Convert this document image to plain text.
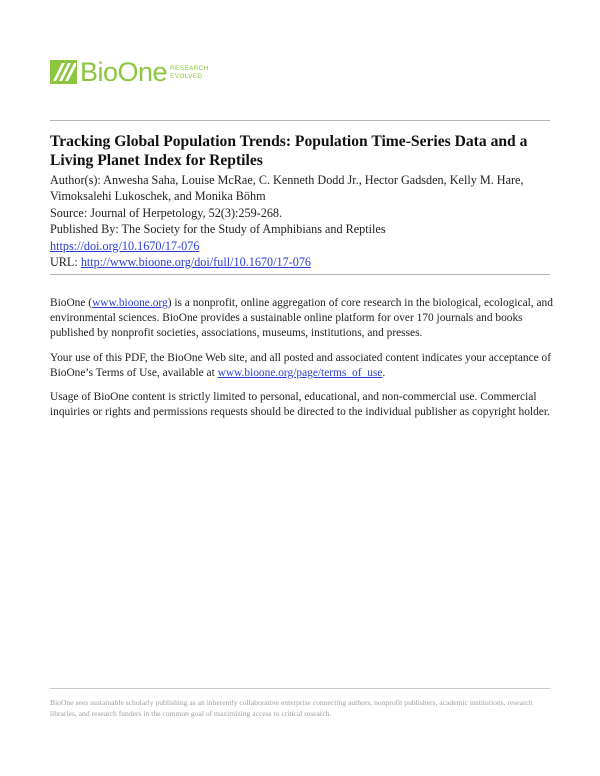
BioOne RESEARCH
EVOLVED
Tracking Global Population Trends: Population Time-Series Data and a Living Planet Index for Reptiles
Author(s): Anwesha Saha, Louise McRae, C. Kenneth Dodd Jr., Hector Gadsden, Kelly M. Hare, Vimoksalehi Lukoschek, and Monika Böhm
Source: Journal of Herpetology, 52(3):259-268.
Published By: The Society for the Study of Amphibians and Reptiles
https://doi.org/10.1670/17-076
URL: http://www.bioone.org/doi/full/10.1670/17-076

BioOne (www.bioone.org) is a nonprofit, online aggregation of core research in the biological, ecological, and environmental sciences. BioOne provides a sustainable online platform for over 170 journals and books published by nonprofit societies, associations, museums, institutions, and presses.

Your use of this PDF, the BioOne Web site, and all posted and associated content indicates your acceptance of BioOne’s Terms of Use, available at www.bioone.org/page/terms_of_use.

Usage of BioOne content is strictly limited to personal, educational, and non-commercial use. Commercial inquiries or rights and permissions requests should be directed to the individual publisher as copyright holder.

BioOne sees sustainable scholarly publishing as an inherently collaborative enterprise connecting authors, nonprofit publishers, academic institutions, research libraries, and research funders in the common goal of maximizing access to critical research.
